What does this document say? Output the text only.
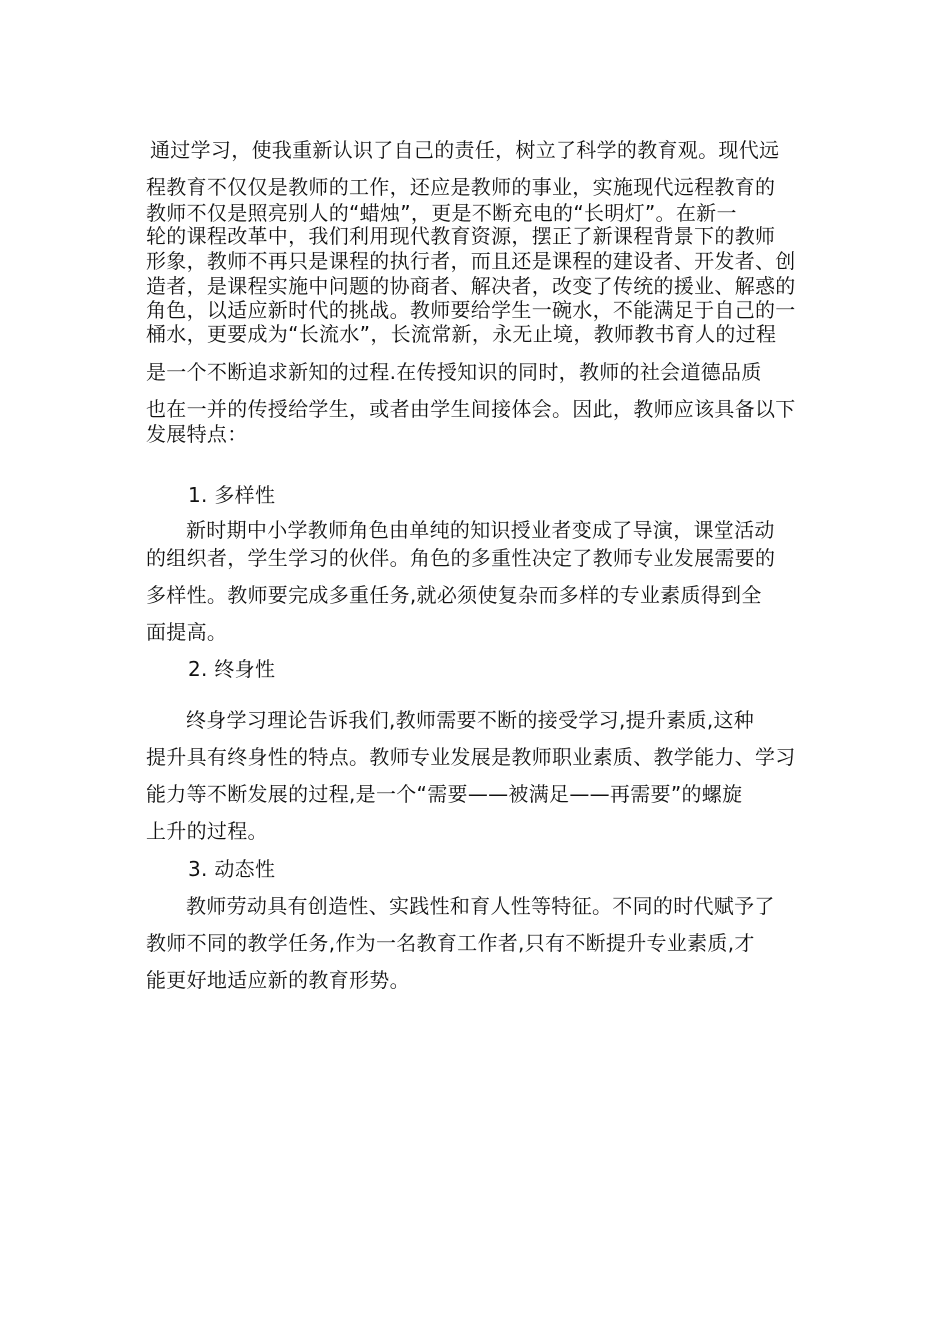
通过学习，使我重新认识了自己的责任，树立了科学的教育观。现代远
程教育不仅仅是教师的工作，还应是教师的事业，实施现代远程教育的
教师不仅是照亮别人的“蜡烛”，更是不断充电的“长明灯”。在新一
轮的课程改革中，我们利用现代教育资源，摆正了新课程背景下的教师
形象，教师不再只是课程的执行者，而且还是课程的建设者、开发者、创
造者，是课程实施中问题的协商者、解决者，改变了传统的援业、解惑的
角色，以适应新时代的挑战。教师要给学生一碗水，不能满足于自己的一
桶水，更要成为“长流水”，长流常新，永无止境，教师教书育人的过程
是一个不断追求新知的过程.在传授知识的同时，教师的社会道德品质
也在一并的传授给学生，或者由学生间接体会。因此，教师应该具备以下
发展特点：
1. 多样性
新时期中小学教师角色由单纯的知识授业者变成了导演，课堂活动
的组织者，学生学习的伙伴。角色的多重性决定了教师专业发展需要的
多样性。教师要完成多重任务,就必须使复杂而多样的专业素质得到全
面提高。
2. 终身性
终身学习理论告诉我们,教师需要不断的接受学习,提升素质,这种
提升具有终身性的特点。教师专业发展是教师职业素质、教学能力、学习
能力等不断发展的过程,是一个“需要——被满足——再需要”的螺旋
上升的过程。
3. 动态性
教师劳动具有创造性、实践性和育人性等特征。不同的时代赋予了
教师不同的教学任务,作为一名教育工作者,只有不断提升专业素质,才
能更好地适应新的教育形势。
